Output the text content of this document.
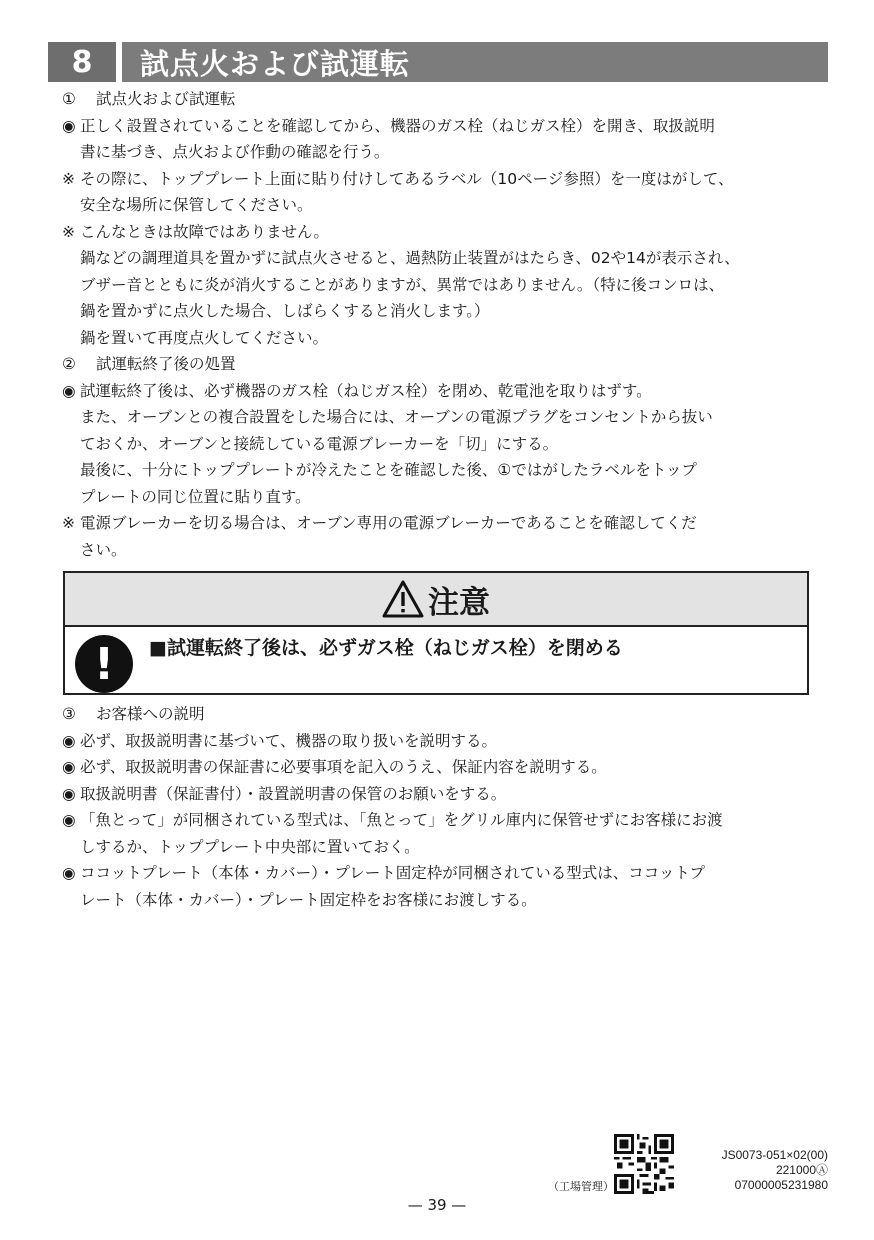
8	試点火および試運転
① 試点火および試運転
◉ 正しく設置されていることを確認してから、機器のガス栓（ねじガス栓）を開き、取扱説明
書に基づき、点火および作動の確認を行う。
※ その際に、トッププレート上面に貼り付けしてあるラベル（10ページ参照）を一度はがして、
安全な場所に保管してください。
※ こんなときは故障ではありません。
鍋などの調理道具を置かずに試点火させると、過熱防止装置がはたらき、02や14が表示され、
ブザー音とともに炎が消火することがありますが、異常ではありません。（特に後コンロは、
鍋を置かずに点火した場合、しばらくすると消火します。）
鍋を置いて再度点火してください。
② 試運転終了後の処置
◉ 試運転終了後は、必ず機器のガス栓（ねじガス栓）を閉め、乾電池を取りはずす。
また、オーブンとの複合設置をした場合には、オーブンの電源プラグをコンセントから抜い
ておくか、オーブンと接続している電源ブレーカーを「切」にする。
最後に、十分にトッププレートが冷えたことを確認した後、①ではがしたラベルをトップ
プレートの同じ位置に貼り直す。
※ 電源ブレーカーを切る場合は、オーブン専用の電源ブレーカーであることを確認してくだ
さい。
注意
! ■試運転終了後は、必ずガス栓（ねじガス栓）を閉める
③ お客様への説明
◉ 必ず、取扱説明書に基づいて、機器の取り扱いを説明する。
◉ 必ず、取扱説明書の保証書に必要事項を記入のうえ、保証内容を説明する。
◉ 取扱説明書（保証書付）・設置説明書の保管のお願いをする。
◉ 「魚とって」が同梱されている型式は、「魚とって」をグリル庫内に保管せずにお客様にお渡
しするか、トッププレート中央部に置いておく。
◉ ココットプレート（本体・カバー）・プレート固定枠が同梱されている型式は、ココットプ
レート（本体・カバー）・プレート固定枠をお客様にお渡しする。
（工場管理）
JS0073-051×02(00)
221000Ⓐ
07000005231980
— 39 —
